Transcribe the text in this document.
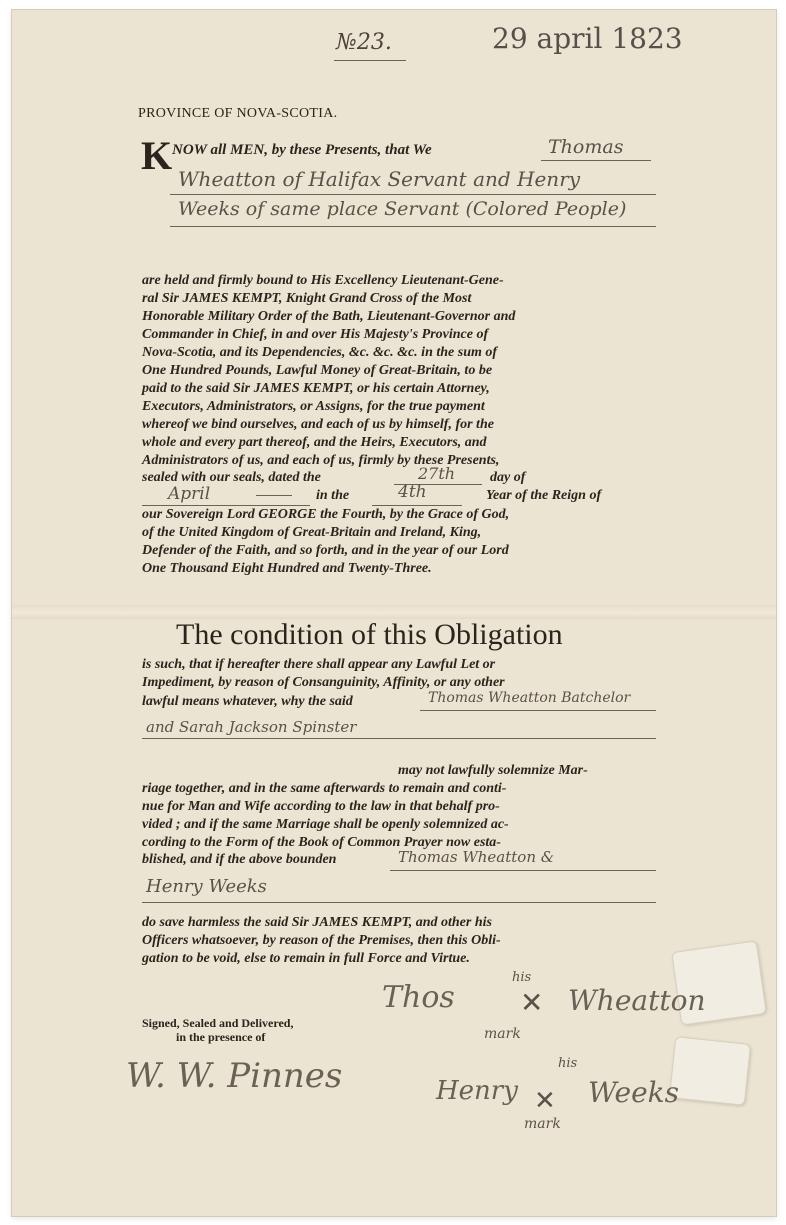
№23.	29 april 1823
PROVINCE OF NOVA-SCOTIA.
K NOW all MEN, by these Presents, that We	Thomas
Wheatton of Halifax Servant and Henry
Weeks of same place Servant (Colored People)
are held and firmly bound to His Excellency Lieutenant-Gene-
ral Sir JAMES KEMPT, Knight Grand Cross of the Most
Honorable Military Order of the Bath, Lieutenant-Governor and
Commander in Chief, in and over His Majesty's Province of
Nova-Scotia, and its Dependencies, &c. &c. &c. in the sum of
One Hundred Pounds, Lawful Money of Great-Britain, to be
paid to the said Sir JAMES KEMPT, or his certain Attorney,
Executors, Administrators, or Assigns, for the true payment
whereof we bind ourselves, and each of us by himself, for the
whole and every part thereof, and the Heirs, Executors, and
Administrators of us, and each of us, firmly by these Presents,
sealed with our seals, dated the	27th day of
April	in the	4th	Year of the Reign of
our Sovereign Lord GEORGE the Fourth, by the Grace of God,
of the United Kingdom of Great-Britain and Ireland, King,
Defender of the Faith, and so forth, and in the year of our Lord
One Thousand Eight Hundred and Twenty-Three.
The condition of this Obligation
is such, that if hereafter there shall appear any Lawful Let or
Impediment, by reason of Consanguinity, Affinity, or any other
lawful means whatever, why the said	Thomas Wheatton Batchelor
and Sarah Jackson Spinster
may not lawfully solemnize Mar-
riage together, and in the same afterwards to remain and conti-
nue for Man and Wife according to the law in that behalf pro-
vided ; and if the same Marriage shall be openly solemnized ac-
cording to the Form of the Book of Common Prayer now esta-
blished, and if the above bounden	Thomas Wheatton &
Henry Weeks
do save harmless the said Sir JAMES KEMPT, and other his
Officers whatsoever, by reason of the Premises, then this Obli-
gation to be void, else to remain in full Force and Virtue.
Signed, Sealed and Delivered,
in the presence of
W. W. Pinnes
Thos
his
✕ Wheatton
mark
Henry
his
✕ Weeks
mark
